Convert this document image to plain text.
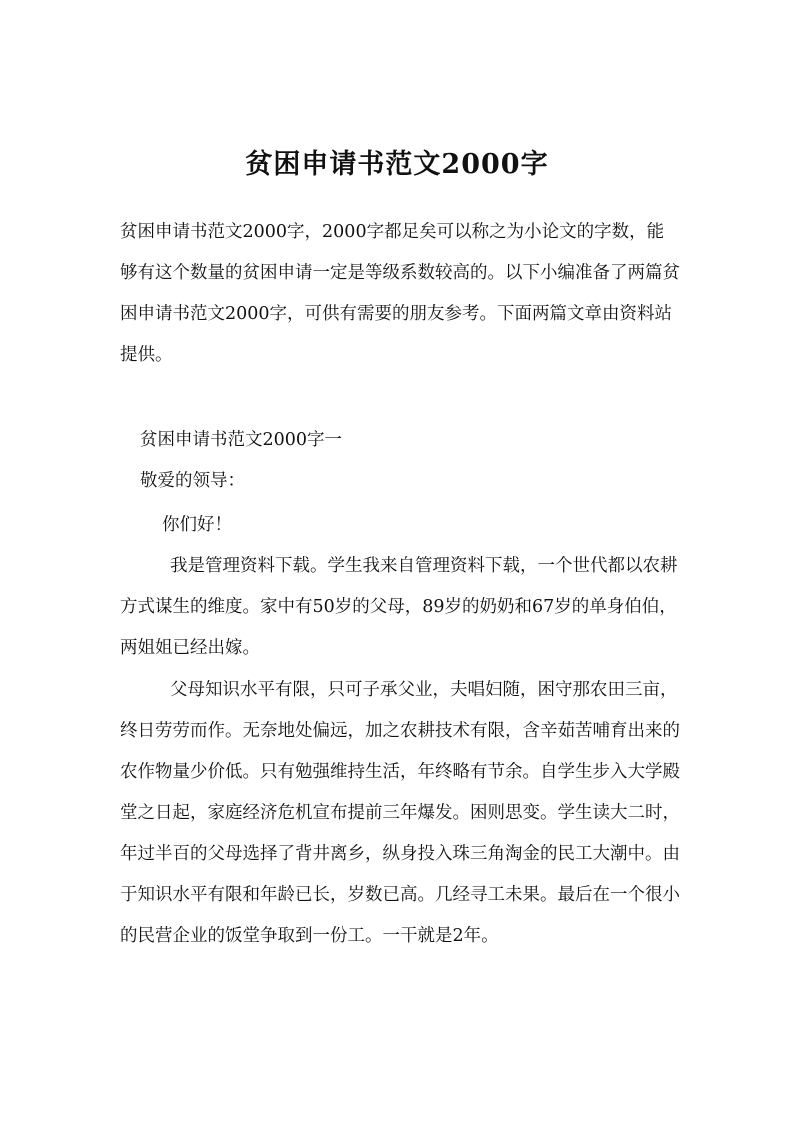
贫困申请书范文2000字
贫困申请书范文2000字，2000字都足矣可以称之为小论文的字数，能够有这个数量的贫困申请一定是等级系数较高的。以下小编准备了两篇贫困申请书范文2000字，可供有需要的朋友参考。下面两篇文章由资料站提供。
贫困申请书范文2000字一
敬爱的领导：
你们好！
我是管理资料下载。学生我来自管理资料下载，一个世代都以农耕方式谋生的维度。家中有50岁的父母，89岁的奶奶和67岁的单身伯伯，两姐姐已经出嫁。
父母知识水平有限，只可子承父业，夫唱妇随，困守那农田三亩，终日劳劳而作。无奈地处偏远，加之农耕技术有限，含辛茹苦哺育出来的农作物量少价低。只有勉强维持生活，年终略有节余。自学生步入大学殿堂之日起，家庭经济危机宣布提前三年爆发。困则思变。学生读大二时，年过半百的父母选择了背井离乡，纵身投入珠三角淘金的民工大潮中。由于知识水平有限和年龄已长，岁数已高。几经寻工未果。最后在一个很小的民营企业的饭堂争取到一份工。一干就是2年。
